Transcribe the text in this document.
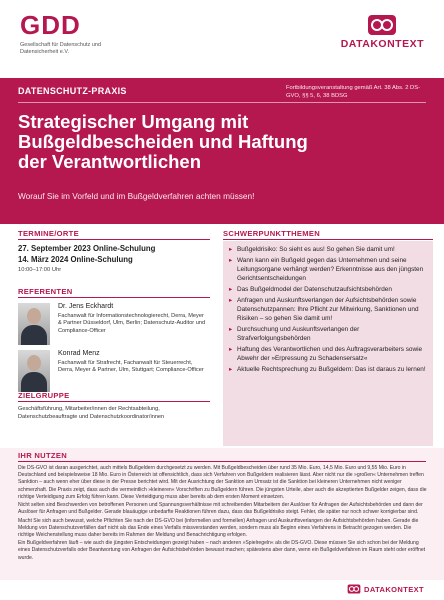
GDD
Gesellschaft für Datenschutz und Datensicherheit e.V.
DATAKONTEXT
DATENSCHUTZ-PRAXIS	Fortbildungsveranstaltung gemäß Art. 38 Abs. 2 DS-GVO, §§ 5, 6, 38 BDSG
Strategischer Umgang mit Bußgeldbescheiden und Haftung der Verantwortlichen
Worauf Sie im Vorfeld und im Bußgeldverfahren achten müssen!
TERMINE/ORTE
27. September 2023 Online-Schulung
14. März 2024 Online-Schulung
10:00–17:00 Uhr
REFERENTEN
Dr. Jens Eckhardt
Fachanwalt für Informationstechnologierecht, Derra, Meyer & Partner Düsseldorf, Ulm, Berlin; Datenschutz-Auditor und Compliance-Officer
Konrad Menz
Fachanwalt für Strafrecht, Fachanwalt für Steuerrecht, Derra, Meyer & Partner, Ulm, Stuttgart; Compliance-Officer
ZIELGRUPPE
Geschäftsführung, Mitarbeiter/innen der Rechtsabteilung, Datenschutzbeauftragte und Datenschutzkoordinator/innen
SCHWERPUNKTTHEMEN
▸ Bußgeldrisiko: So sieht es aus! So gehen Sie damit um!
▸ Wann kann ein Bußgeld gegen das Unternehmen und seine Leitungsorgane verhängt werden? Erkenntnisse aus den jüngsten Gerichtsentscheidungen
▸ Das Bußgeldmodel der Datenschutzaufsichtsbehörden
▸ Anfragen und Auskunftsverlangen der Aufsichtsbehörden sowie Datenschutzpannen: Ihre Pflicht zur Mitwirkung, Sanktionen und Risiken – so gehen Sie damit um!
▸ Durchsuchung und Auskunftsverlangen der Strafverfolgungsbehörden
▸ Haftung des Verantwortlichen und des Auftragsverarbeiters sowie Abwehr der »Erpressung zu Schadensersatz«
▸ Aktuelle Rechtsprechung zu Bußgeldern: Das ist daraus zu lernen!
IHR NUTZEN

Die DS-GVO ist daran ausgerichtet, auch mittels Bußgeldern durchgesetzt zu werden. Mit Bußgeldbescheiden über rund 35 Mio. Euro, 14,5 Mio. Euro und 9,55 Mio. Euro in Deutschland und beispielsweise 18 Mio. Euro in Österreich ist offensichtlich, dass sich Verfahren von Bußgeldern realisieren lässt. Aber nicht nur die »großen« Unternehmen treffen Sanktion – auch wenn eher über diese in der Presse berichtet wird. Mit der Ausrichtung der Sanktion am Umsatz ist die Sanktion bei kleineren Unternehmen nicht weniger schmerzhaft. Die Praxis zeigt, dass auch die vermeintlich »kleineren« Vorschriften zu Bußgeldern führen. Die jüngsten Urteile, aber auch die akzeptierten Bußgelder zeigen, dass die richtige Verteidigung zum Erfolg führen kann. Diese Verteidigung muss aber bereits ab dem ersten Moment einsetzen.

Nicht selten sind Beschwerden von betroffenen Personen und Spannungsverhältnisse mit schreibenden Mitarbeitern der Auslöser für Anfragen der Aufsichtsbehörden und dann der Auslöser für Anfragen und Bußgelder. Gerade blauäugige unbedarfte Reaktionen führen dazu, dass das Bußgeldrisiko steigt. Fehler, die später nur noch schwer korrigierbar sind.

Macht Sie sich auch bewusst, welche Pflichten Sie nach der DS-GVO bei (informellen und formellen) Anfragen und Auskunftsverlangen der Aufsichtsbehörden haben. Gerade die Meldung von Datenschutzverfällen darf nicht als das Ende eines Verfalls missverstanden werden, sondern muss als Beginn eines Verfahrens in Betracht gezogen werden. Die richtige Weichenstellung muss daher bereits im Rahmen der Meldung und Benachrichtigung erfolgen.

Ein Bußgeldverfahren läuft – wie auch die jüngsten Entscheidungen gezeigt haben – nach anderen »Spielregeln« als die DS-GVO. Diese müssen Sie sich schon bei der Meldung eines Datenschutzverfalls oder Beantwortung von Anfragen der Aufsichtsbehörden bewusst machen; spätestens aber dann, wenn ein Bußgeldverfahren im Raum steht oder eröffnet wurde.

DATAKONTEXT
